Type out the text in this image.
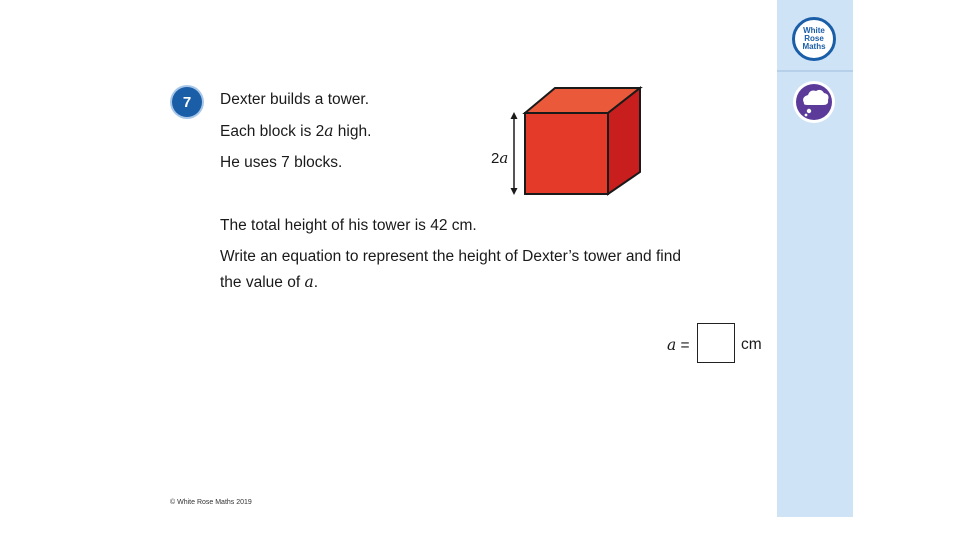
White
Rose
Maths
7 Dexter builds a tower.
Each block is 2a high.
He uses 7 blocks.	2a
The total height of his tower is 42 cm.
Write an equation to represent the height of Dexter’s tower and find
the value of a.
a =	cm
© White Rose Maths 2019
